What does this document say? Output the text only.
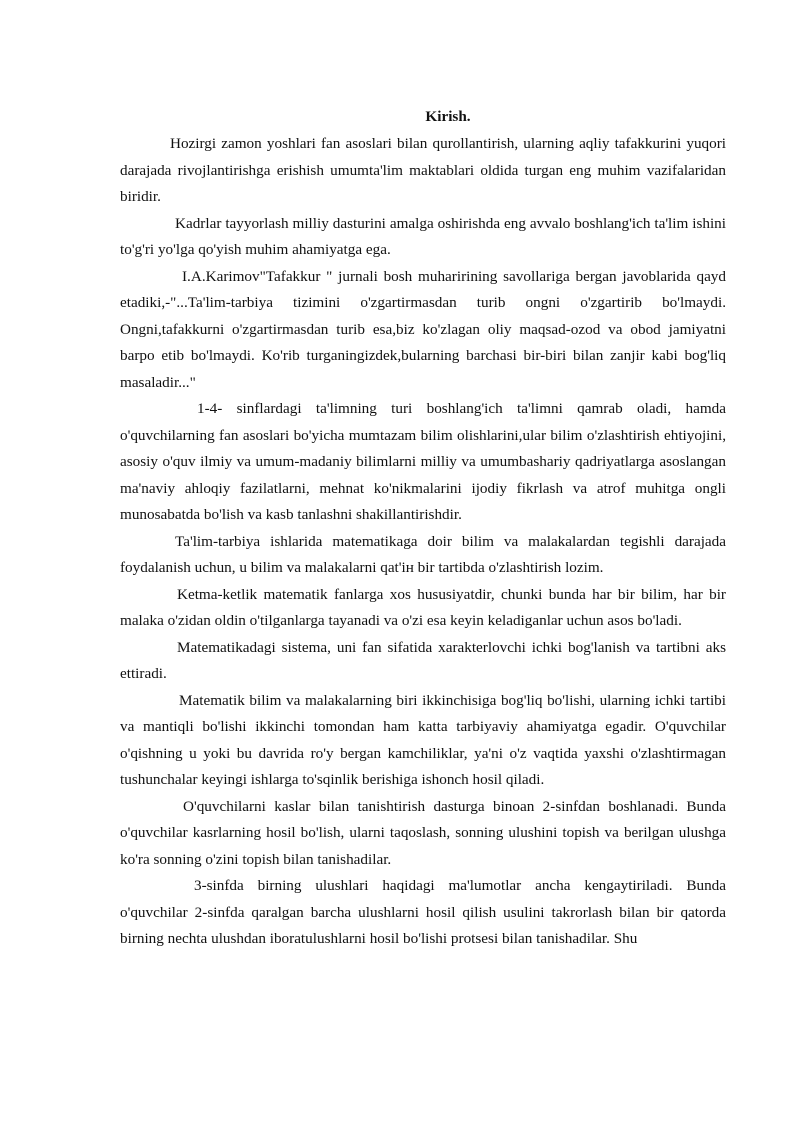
Kirish.

Hozirgi zamon yoshlari fan asoslari bilan qurollantirish, ularning aqliy tafakkurini yuqori darajada rivojlantirishga erishish umumta'lim maktablari oldida turgan eng muhim vazifalaridan biridir.

Kadrlar tayyorlash milliy dasturini amalga oshirishda eng avvalo boshlang'ich ta'lim ishini to'g'ri yo'lga qo'yish muhim ahamiyatga ega.

I.A.Karimov"Tafakkur " jurnali bosh muharirining savollariga bergan javoblarida qayd etadiki,-"...Ta'lim-tarbiya tizimini o'zgartirmasdan turib ongni o'zgartirib bo'lmaydi. Ongni,tafakkurni o'zgartirmasdan turib esa,biz ko'zlagan oliy maqsad-ozod va obod jamiyatni barpo etib bo'lmaydi. Ko'rib turganingizdek,bularning barchasi bir-biri bilan zanjir kabi bog'liq masaladir..."

1-4- sinflardagi ta'limning turi boshlang'ich ta'limni qamrab oladi, hamda o'quvchilarning fan asoslari bo'yicha mumtazam bilim olishlarini,ular bilim o'zlashtirish ehtiyojini, asosiy o'quv ilmiy va umum-madaniy bilimlarni milliy va umumbashariy qadriyatlarga asoslangan ma'naviy ahloqiy fazilatlarni, mehnat ko'nikmalarini ijodiy fikrlash va atrof muhitga ongli munosabatda bo'lish va kasb tanlashni shakillantirishdir.

Ta'lim-tarbiya ishlarida matematikaga doir bilim va malakalardan tegishli darajada foydalanish uchun, u bilim va malakalarni qat'ін bir tartibda o'zlashtirish lozim.

Ketma-ketlik matematik fanlarga xos hususiyatdir, chunki bunda har bir bilim, har bir malaka o'zidan oldin o'tilganlarga tayanadi va o'zi esa keyin keladiganlar uchun asos bo'ladi.

Matematikadagi sistema, uni fan sifatida xarakterlovchi ichki bog'lanish va tartibni aks ettiradi.

Matematik bilim va malakalarning biri ikkinchisiga bog'liq bo'lishi, ularning ichki tartibi va mantiqli bo'lishi ikkinchi tomondan ham katta tarbiyaviy ahamiyatga egadir. O'quvchilar o'qishning u yoki bu davrida ro'y bergan kamchiliklar, ya'ni o'z vaqtida yaxshi o'zlashtirmagan tushunchalar keyingi ishlarga to'sqinlik berishiga ishonch hosil qiladi.

O'quvchilarni kaslar bilan tanishtirish dasturga binoan 2-sinfdan boshlanadi. Bunda o'quvchilar kasrlarning hosil bo'lish, ularni taqoslash, sonning ulushini topish va berilgan ulushga ko'ra sonning o'zini topish bilan tanishadilar.

3-sinfda birning ulushlari haqidagi ma'lumotlar ancha kengaytiriladi. Bunda o'quvchilar 2-sinfda qaralgan barcha ulushlarni hosil qilish usulini takrorlash bilan bir qatorda birning nechta ulushdan iboratulushlarni hosil bo'lishi protsesi bilan tanishadilar. Shu
